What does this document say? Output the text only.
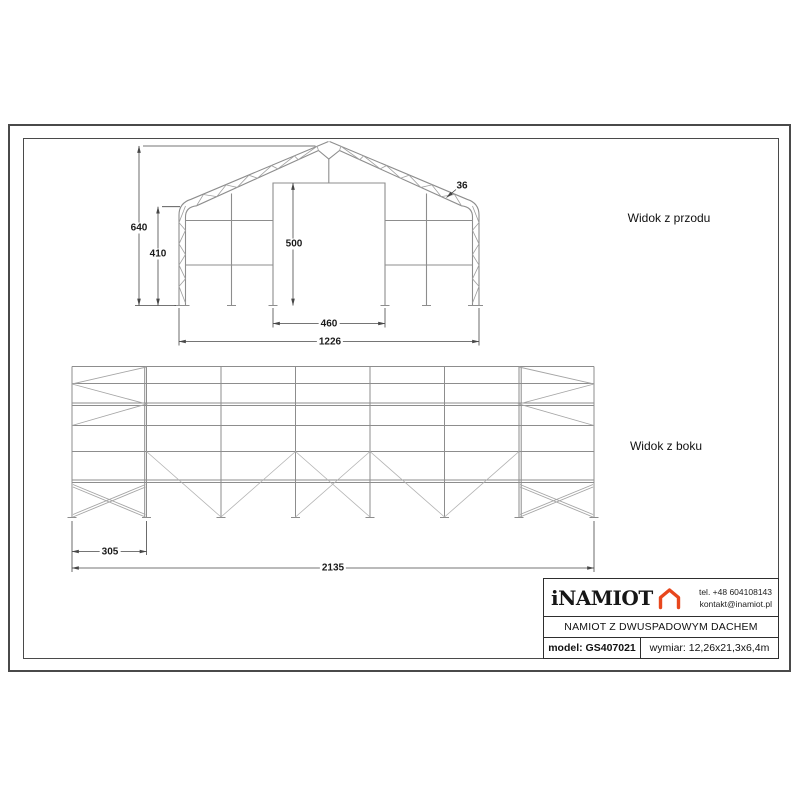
640
410
500
36
460
1226
305
2135
Widok z przodu
Widok z boku
iNAMIOT	tel. +48 604108143
kontakt@inamiot.pl
NAMIOT Z DWUSPADOWYM DACHEM
model: GS407021	wymiar: 12,26x21,3x6,4m
